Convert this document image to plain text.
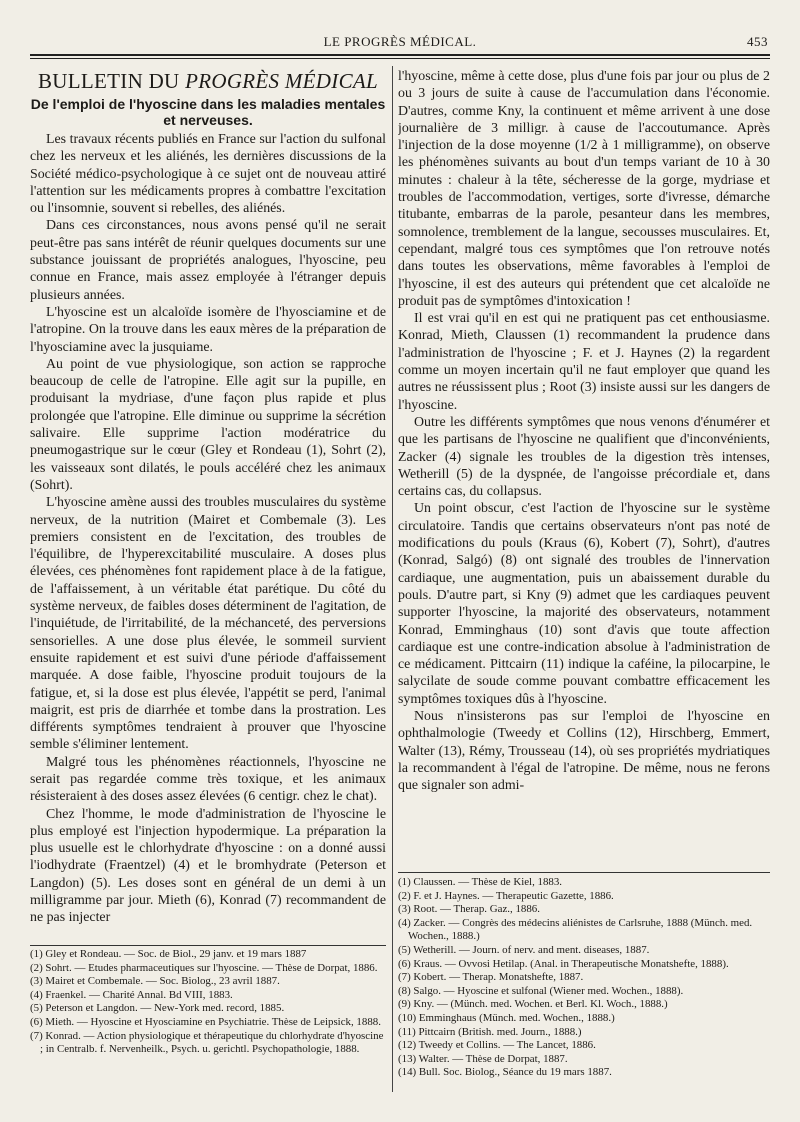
LE PROGRÈS MÉDICAL.	453
BULLETIN DU PROGRÈS MÉDICAL
De l'emploi de l'hyoscine dans les maladies mentales et nerveuses.

Les travaux récents publiés en France sur l'action du sulfonal chez les nerveux et les aliénés, les dernières discussions de la Société médico-psychologique à ce sujet ont de nouveau attiré l'attention sur les médicaments propres à combattre l'excitation ou l'insomnie, souvent si rebelles, des aliénés.

Dans ces circonstances, nous avons pensé qu'il ne serait peut-être pas sans intérêt de réunir quelques documents sur une substance jouissant de propriétés analogues, l'hyoscine, peu connue en France, mais assez employée à l'étranger depuis plusieurs années.

L'hyoscine est un alcaloïde isomère de l'hyosciamine et de l'atropine. On la trouve dans les eaux mères de la préparation de l'hyosciamine avec la jusquiame.

Au point de vue physiologique, son action se rapproche beaucoup de celle de l'atropine. Elle agit sur la pupille, en produisant la mydriase, d'une façon plus rapide et plus prolongée que l'atropine. Elle diminue ou supprime la sécrétion salivaire. Elle supprime l'action modératrice du pneumogastrique sur le cœur (Gley et Rondeau (1), Sohrt (2), les vaisseaux sont dilatés, le pouls accéléré chez les animaux (Sohrt).

L'hyoscine amène aussi des troubles musculaires du système nerveux, de la nutrition (Mairet et Combemale (3). Les premiers consistent en de l'excitation, des troubles de l'équilibre, de l'hyperexcitabilité musculaire. A doses plus élevées, ces phénomènes font rapidement place à de la fatigue, de l'affaissement, à un véritable état parétique. Du côté du système nerveux, de faibles doses déterminent de l'agitation, de l'inquiétude, de l'irritabilité, de la méchanceté, des perversions sensorielles. A une dose plus élevée, le sommeil survient ensuite rapidement et est suivi d'une période d'affaissement marquée. A dose faible, l'hyoscine produit toujours de la fatigue, et, si la dose est plus élevée, l'appétit se perd, l'animal maigrit, est pris de diarrhée et tombe dans la prostration. Les différents symptômes tendraient à prouver que l'hyoscine semble s'éliminer lentement.

Malgré tous les phénomènes réactionnels, l'hyoscine ne serait pas regardée comme très toxique, et les animaux résisteraient à des doses assez élevées (6 centigr. chez le chat).

Chez l'homme, le mode d'administration de l'hyoscine le plus employé est l'injection hypodermique. La préparation la plus usuelle est le chlorhydrate d'hyoscine : on a donné aussi l'iodhydrate (Fraentzel) (4) et le bromhydrate (Peterson et Langdon) (5). Les doses sont en général de un demi à un milligramme par jour. Mieth (6), Konrad (7) recommandent de ne pas injecter

l'hyoscine, même à cette dose, plus d'une fois par jour ou plus de 2 ou 3 jours de suite à cause de l'accumulation dans l'économie. D'autres, comme Kny, la continuent et même arrivent à une dose journalière de 3 milligr. à cause de l'accoutumance. Après l'injection de la dose moyenne (1/2 à 1 milligramme), on observe les phénomènes suivants au bout d'un temps variant de 10 à 30 minutes : chaleur à la tête, sécheresse de la gorge, mydriase et troubles de l'accommodation, vertiges, sorte d'ivresse, démarche titubante, embarras de la parole, pesanteur dans les membres, somnolence, tremblement de la langue, secousses musculaires. Et, cependant, malgré tous ces symptômes que l'on retrouve notés dans toutes les observations, même favorables à l'emploi de l'hyoscine, il est des auteurs qui prétendent que cet alcaloïde ne produit pas de symptômes d'intoxication !

Il est vrai qu'il en est qui ne pratiquent pas cet enthousiasme. Konrad, Mieth, Claussen (1) recommandent la prudence dans l'administration de l'hyoscine ; F. et J. Haynes (2) la regardent comme un moyen incertain qu'il ne faut employer que quand les autres ne réussissent plus ; Root (3) insiste aussi sur les dangers de l'hyoscine.

Outre les différents symptômes que nous venons d'énumérer et que les partisans de l'hyoscine ne qualifient que d'inconvénients, Zacker (4) signale les troubles de la digestion très intenses, Wetherill (5) de la dyspnée, de l'angoisse précordiale et, dans certains cas, du collapsus.

Un point obscur, c'est l'action de l'hyoscine sur le système circulatoire. Tandis que certains observateurs n'ont pas noté de modifications du pouls (Kraus (6), Kobert (7), Sohrt), d'autres (Konrad, Salgó) (8) ont signalé des troubles de l'innervation cardiaque, une augmentation, puis un abaissement durable du pouls. D'autre part, si Kny (9) admet que les cardiaques peuvent supporter l'hyoscine, la majorité des observateurs, notamment Konrad, Emminghaus (10) sont d'avis que toute affection cardiaque est une contre-indication absolue à l'administration de ce médicament. Pittcairn (11) indique la caféine, la pilocarpine, le salycilate de soude comme pouvant combattre efficacement les symptômes toxiques dûs à l'hyoscine.

Nous n'insisterons pas sur l'emploi de l'hyoscine en ophthalmologie (Tweedy et Collins (12), Hirschberg, Emmert, Walter (13), Rémy, Trousseau (14), où ses propriétés mydriatiques la recommandent à l'égal de l'atropine. De même, nous ne ferons que signaler son admi-

(1) Gley et Rondeau. — Soc. de Biol., 29 janv. et 19 mars 1887
(2) Sohrt. — Etudes pharmaceutiques sur l'hyoscine. — Thèse de Dorpat, 1886.
(3) Mairet et Combemale. — Soc. Biolog., 23 avril 1887.
(4) Fraenkel. — Charité Annal. Bd VIII, 1883.
(5) Peterson et Langdon. — New-York med. record, 1885.
(6) Mieth. — Hyoscine et Hyosciamine en Psychiatrie. Thèse de Leipsick, 1888.
(7) Konrad. — Action physiologique et thérapeutique du chlorhydrate d'hyoscine ; in Centralb. f. Nervenheilk., Psych. u. gerichtl. Psychopathologie, 1888.
(1) Claussen. — Thèse de Kiel, 1883.
(2) F. et J. Haynes. — Therapeutic Gazette, 1886.
(3) Root. — Therap. Gaz., 1886.
(4) Zacker. — Congrès des médecins aliénistes de Carlsruhe, 1888 (Münch. med. Wochen., 1888.)
(5) Wetherill. — Journ. of nerv. and ment. diseases, 1887.
(6) Kraus. — Ovvosi Hetilap. (Anal. in Therapeutische Monatshefte, 1888).
(7) Kobert. — Therap. Monatshefte, 1887.
(8) Salgo. — Hyoscine et sulfonal (Wiener med. Wochen., 1888).
(9) Kny. — (Münch. med. Wochen. et Berl. Kl. Woch., 1888.)
(10) Emminghaus (Münch. med. Wochen., 1888.)
(11) Pittcairn (British. med. Journ., 1888.)
(12) Tweedy et Collins. — The Lancet, 1886.
(13) Walter. — Thèse de Dorpat, 1887.
(14) Bull. Soc. Biolog., Séance du 19 mars 1887.
